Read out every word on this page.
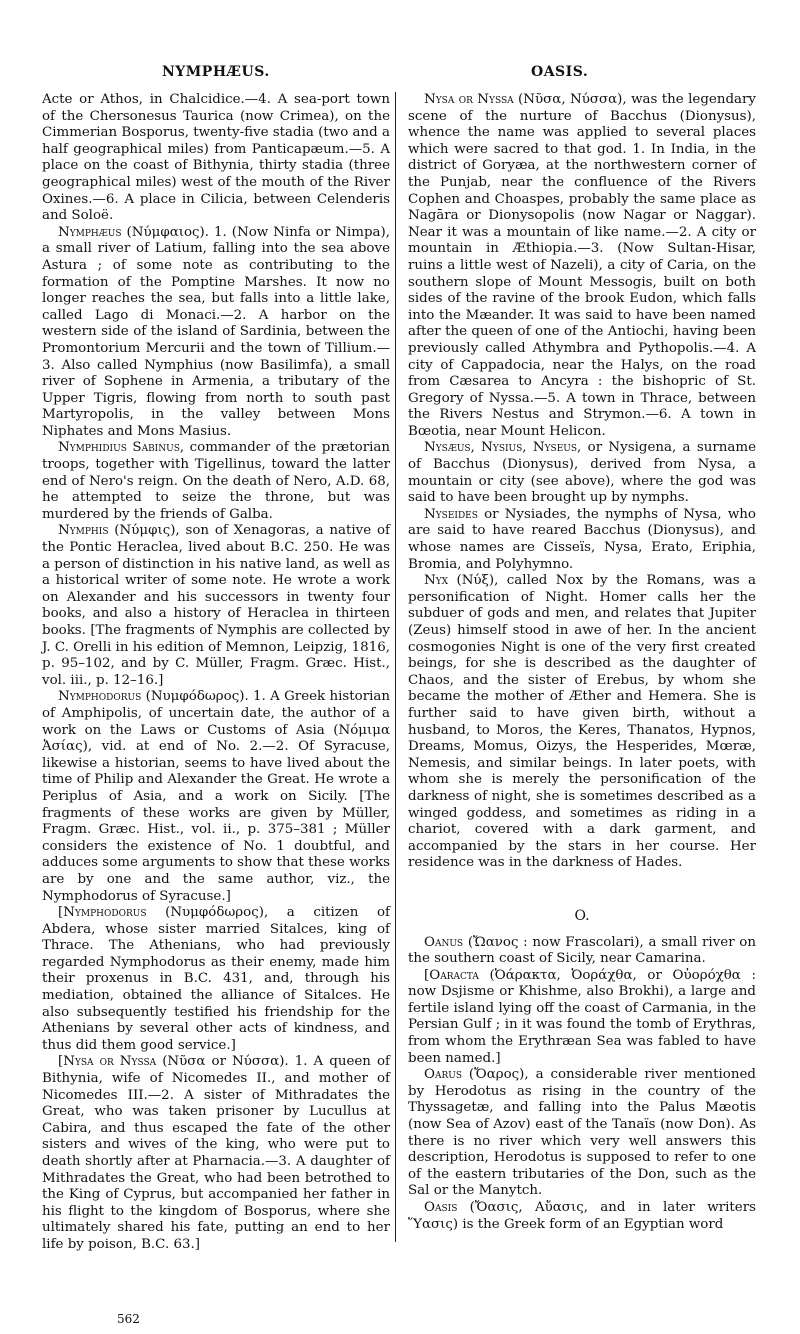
NYMPHÆUS.	OASIS.

Acte or Athos, in Chalcidice.—4. A sea-port town of the Chersonesus Taurica (now Crimea), on the Cimmerian Bosporus, twenty-five stadia (two and a half geographical miles) from Panticapæum.—5. A place on the coast of Bithynia, thirty stadia (three geographical miles) west of the mouth of the River Oxines.—6. A place in Cilicia, between Celenderis and Soloë.

Nymphæus (Νύμφαιος). 1. (Now Ninfa or Nimpa), a small river of Latium, falling into the sea above Astura ; of some note as contributing to the formation of the Pomptine Marshes. It now no longer reaches the sea, but falls into a little lake, called Lago di Monaci.—2. A harbor on the western side of the island of Sardinia, between the Promontorium Mercurii and the town of Tillium.—3. Also called Nymphius (now Basilimfa), a small river of Sophene in Armenia, a tributary of the Upper Tigris, flowing from north to south past Martyropolis, in the valley between Mons Niphates and Mons Masius.

Nymphidius Sabinus, commander of the prætorian troops, together with Tigellinus, toward the latter end of Nero's reign. On the death of Nero, A.D. 68, he attempted to seize the throne, but was murdered by the friends of Galba.

Nymphis (Νύμφις), son of Xenagoras, a native of the Pontic Heraclea, lived about B.C. 250. He was a person of distinction in his native land, as well as a historical writer of some note. He wrote a work on Alexander and his successors in twenty four books, and also a history of Heraclea in thirteen books. [The fragments of Nymphis are collected by J. C. Orelli in his edition of Memnon, Leipzig, 1816, p. 95–102, and by C. Müller, Fragm. Græc. Hist., vol. iii., p. 12–16.]

Nymphodorus (Νυμφόδωρος). 1. A Greek historian of Amphipolis, of uncertain date, the author of a work on the Laws or Customs of Asia (Νόμιμα Ἀσίας), vid. at end of No. 2.—2. Of Syracuse, likewise a historian, seems to have lived about the time of Philip and Alexander the Great. He wrote a Periplus of Asia, and a work on Sicily. [The fragments of these works are given by Müller, Fragm. Græc. Hist., vol. ii., p. 375–381 ; Müller considers the existence of No. 1 doubtful, and adduces some arguments to show that these works are by one and the same author, viz., the Nymphodorus of Syracuse.]

[Nymphodorus (Νυμφόδωρος), a citizen of Abdera, whose sister married Sitalces, king of Thrace. The Athenians, who had previously regarded Nymphodorus as their enemy, made him their proxenus in B.C. 431, and, through his mediation, obtained the alliance of Sitalces. He also subsequently testified his friendship for the Athenians by several other acts of kindness, and thus did them good service.]

[Nysa or Nyssa (Νῦσα or Νύσσα). 1. A queen of Bithynia, wife of Nicomedes II., and mother of Nicomedes III.—2. A sister of Mithradates the Great, who was taken prisoner by Lucullus at Cabira, and thus escaped the fate of the other sisters and wives of the king, who were put to death shortly after at Pharnacia.—3. A daughter of Mithradates the Great, who had been betrothed to the King of Cyprus, but accompanied her father in his flight to the kingdom of Bosporus, where she ultimately shared his fate, putting an end to her life by poison, B.C. 63.]

Nysa or Nyssa (Νῦσα, Νύσσα), was the legendary scene of the nurture of Bacchus (Dionysus), whence the name was applied to several places which were sacred to that god. 1. In India, in the district of Goryæa, at the northwestern corner of the Punjab, near the confluence of the Rivers Cophen and Choaspes, probably the same place as Nagāra or Dionysopolis (now Nagar or Naggar). Near it was a mountain of like name.—2. A city or mountain in Æthiopia.—3. (Now Sultan-Hisar, ruins a little west of Nazeli), a city of Caria, on the southern slope of Mount Messogis, built on both sides of the ravine of the brook Eudon, which falls into the Mæander. It was said to have been named after the queen of one of the Antiochi, having been previously called Athymbra and Pythopolis.—4. A city of Cappadocia, near the Halys, on the road from Cæsarea to Ancyra : the bishopric of St. Gregory of Nyssa.—5. A town in Thrace, between the Rivers Nestus and Strymon.—6. A town in Bœotia, near Mount Helicon.

Nysæus, Nysius, Nyseus, or Nysigena, a surname of Bacchus (Dionysus), derived from Nysa, a mountain or city (see above), where the god was said to have been brought up by nymphs.

Nyseides or Nysiades, the nymphs of Nysa, who are said to have reared Bacchus (Dionysus), and whose names are Cisseïs, Nysa, Erato, Eriphia, Bromia, and Polyhymno.

Nyx (Νύξ), called Nox by the Romans, was a personification of Night. Homer calls her the subduer of gods and men, and relates that Jupiter (Zeus) himself stood in awe of her. In the ancient cosmogonies Night is one of the very first created beings, for she is described as the daughter of Chaos, and the sister of Erebus, by whom she became the mother of Æther and Hemera. She is further said to have given birth, without a husband, to Moros, the Keres, Thanatos, Hypnos, Dreams, Momus, Oizys, the Hesperides, Mœræ, Nemesis, and similar beings. In later poets, with whom she is merely the personification of the darkness of night, she is sometimes described as a winged goddess, and sometimes as riding in a chariot, covered with a dark garment, and accompanied by the stars in her course. Her residence was in the darkness of Hades.

O.

Oanus (Ὤανος : now Frascolari), a small river on the southern coast of Sicily, near Camarina.

[Oaracta (Ὀάρακτα, Ὀοράχθα, or Οὐορόχθα : now Dsjisme or Khishme, also Brokhi), a large and fertile island lying off the coast of Carmania, in the Persian Gulf ; in it was found the tomb of Erythras, from whom the Erythræan Sea was fabled to have been named.]

Oarus (Ὄαρος), a considerable river mentioned by Herodotus as rising in the country of the Thyssagetæ, and falling into the Palus Mæotis (now Sea of Azov) east of the Tanaïs (now Don). As there is no river which very well answers this description, Herodotus is supposed to refer to one of the eastern tributaries of the Don, such as the Sal or the Manytch.

Oasis (Ὄασις, Αὔασις, and in later writers Ὕασις) is the Greek form of an Egyptian word

562
